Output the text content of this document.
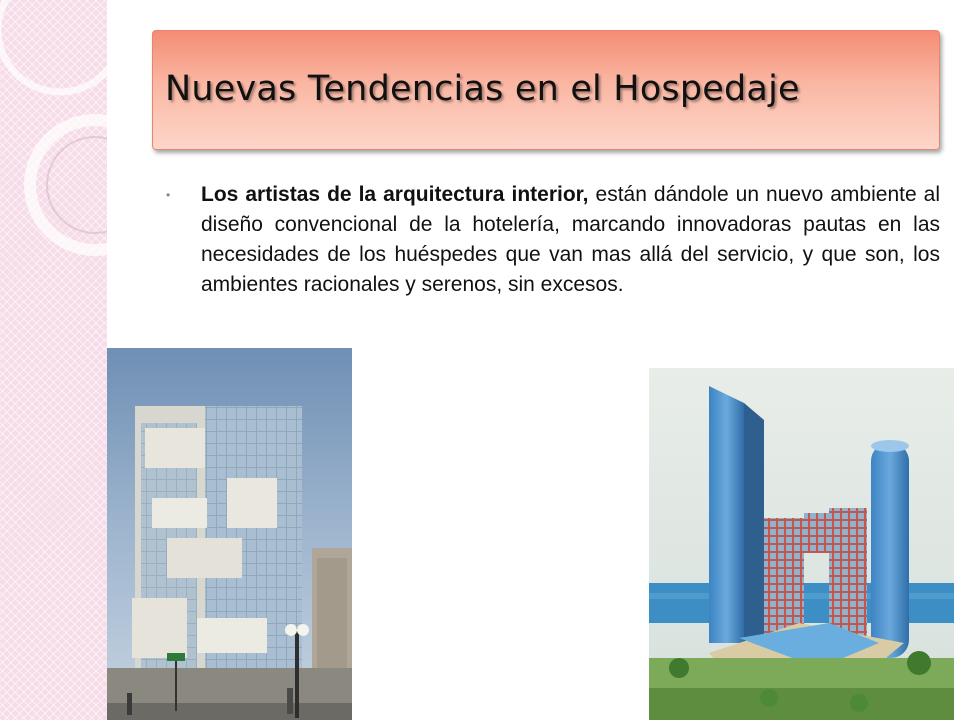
Nuevas Tendencias en el Hospedaje
• Los artistas de la arquitectura interior, están dándole un nuevo ambiente al diseño convencional de la hotelería, marcando innovadoras pautas en las necesidades de los huéspedes que van mas allá del servicio, y que son, los ambientes racionales y serenos, sin excesos.
